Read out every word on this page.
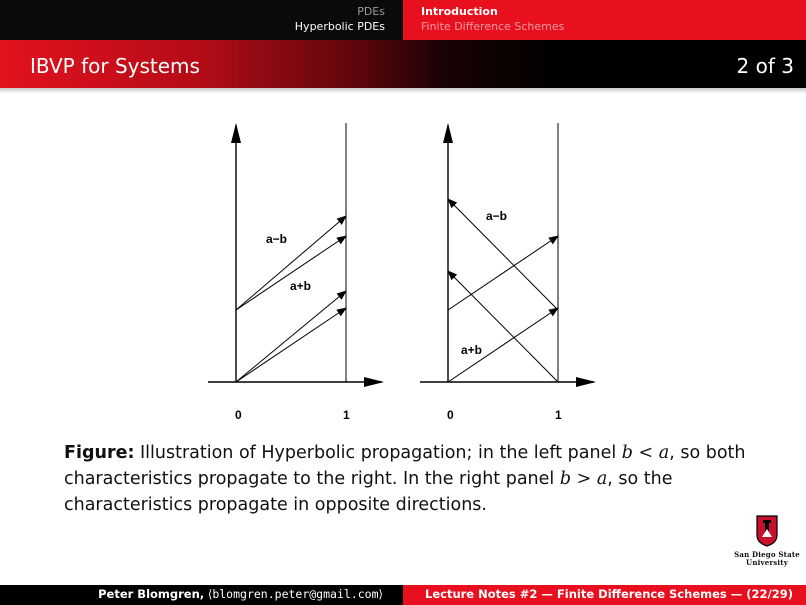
PDEs
Hyperbolic PDEs
Introduction
Finite Difference Schemes
IBVP for Systems	2 of 3
a−b
a+b
0	1
a−b
a+b
0	1
Figure: Illustration of Hyperbolic propagation; in the left panel b < a, so both characteristics propagate to the right. In the right panel b > a, so the characteristics propagate in opposite directions.
San Diego State
University
Peter Blomgren, ⟨blomgren.peter@gmail.com⟩	Lecture Notes #2 — Finite Difference Schemes — (22/29)
